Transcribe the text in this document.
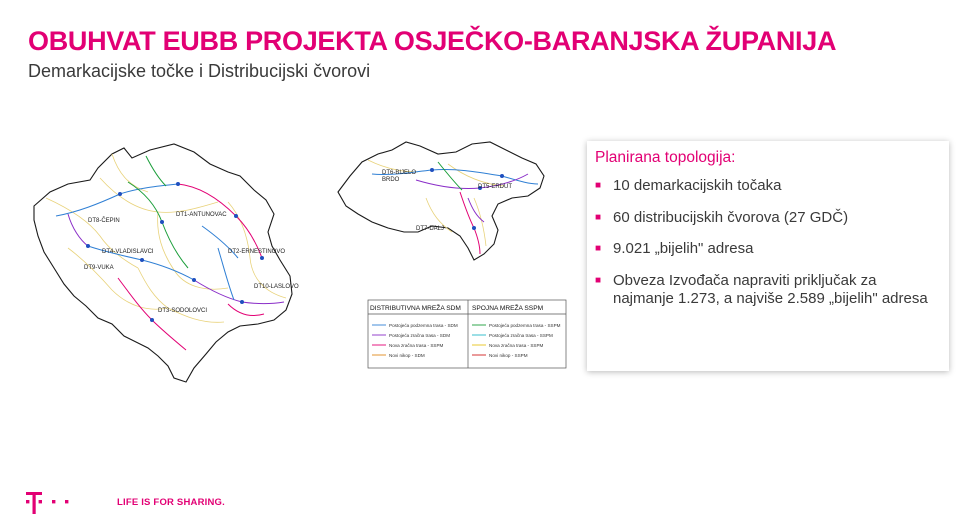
OBUHVAT EUBB PROJEKTA OSJEČKO-BARANJSKA ŽUPANIJA
Demarkacijske točke i Distribucijski čvorovi
DT8-ČEPIN
DT1-ANTUNOVAC
DT4-VLADISLAVCI	DT2-ERNESTINOVO
DT9-VUKA
DT10-LASLOVO
DT3-SODOLOVCI
DT6-BIJELO
BRDO
DT5-ERDUT
DT7-DALJ
DISTRIBUTIVNA MREŽA SDM SPOJNA MREŽA SSPM
Postojeća podzemna trasa - SDM
Postojeća zračna trasa - SDM
Nova zračna trasa - SSPM
Novi nikop - SDM
Postojeća podzemna trasa - SSPM
Postojeća zračna trasa - SSPM
Nova zračna trasa - SSPM
Novi nikop - SSPM
Planirana topologija:
■ 10 demarkacijskih točaka
■ 60 distribucijskih čvorova (27 GDČ)
■ 9.021 „bijelih" adresa
■ Obveza Izvođača napraviti priključak za najmanje 1.273, a najviše 2.589 „bijelih" adresa
LIFE IS FOR SHARING.
